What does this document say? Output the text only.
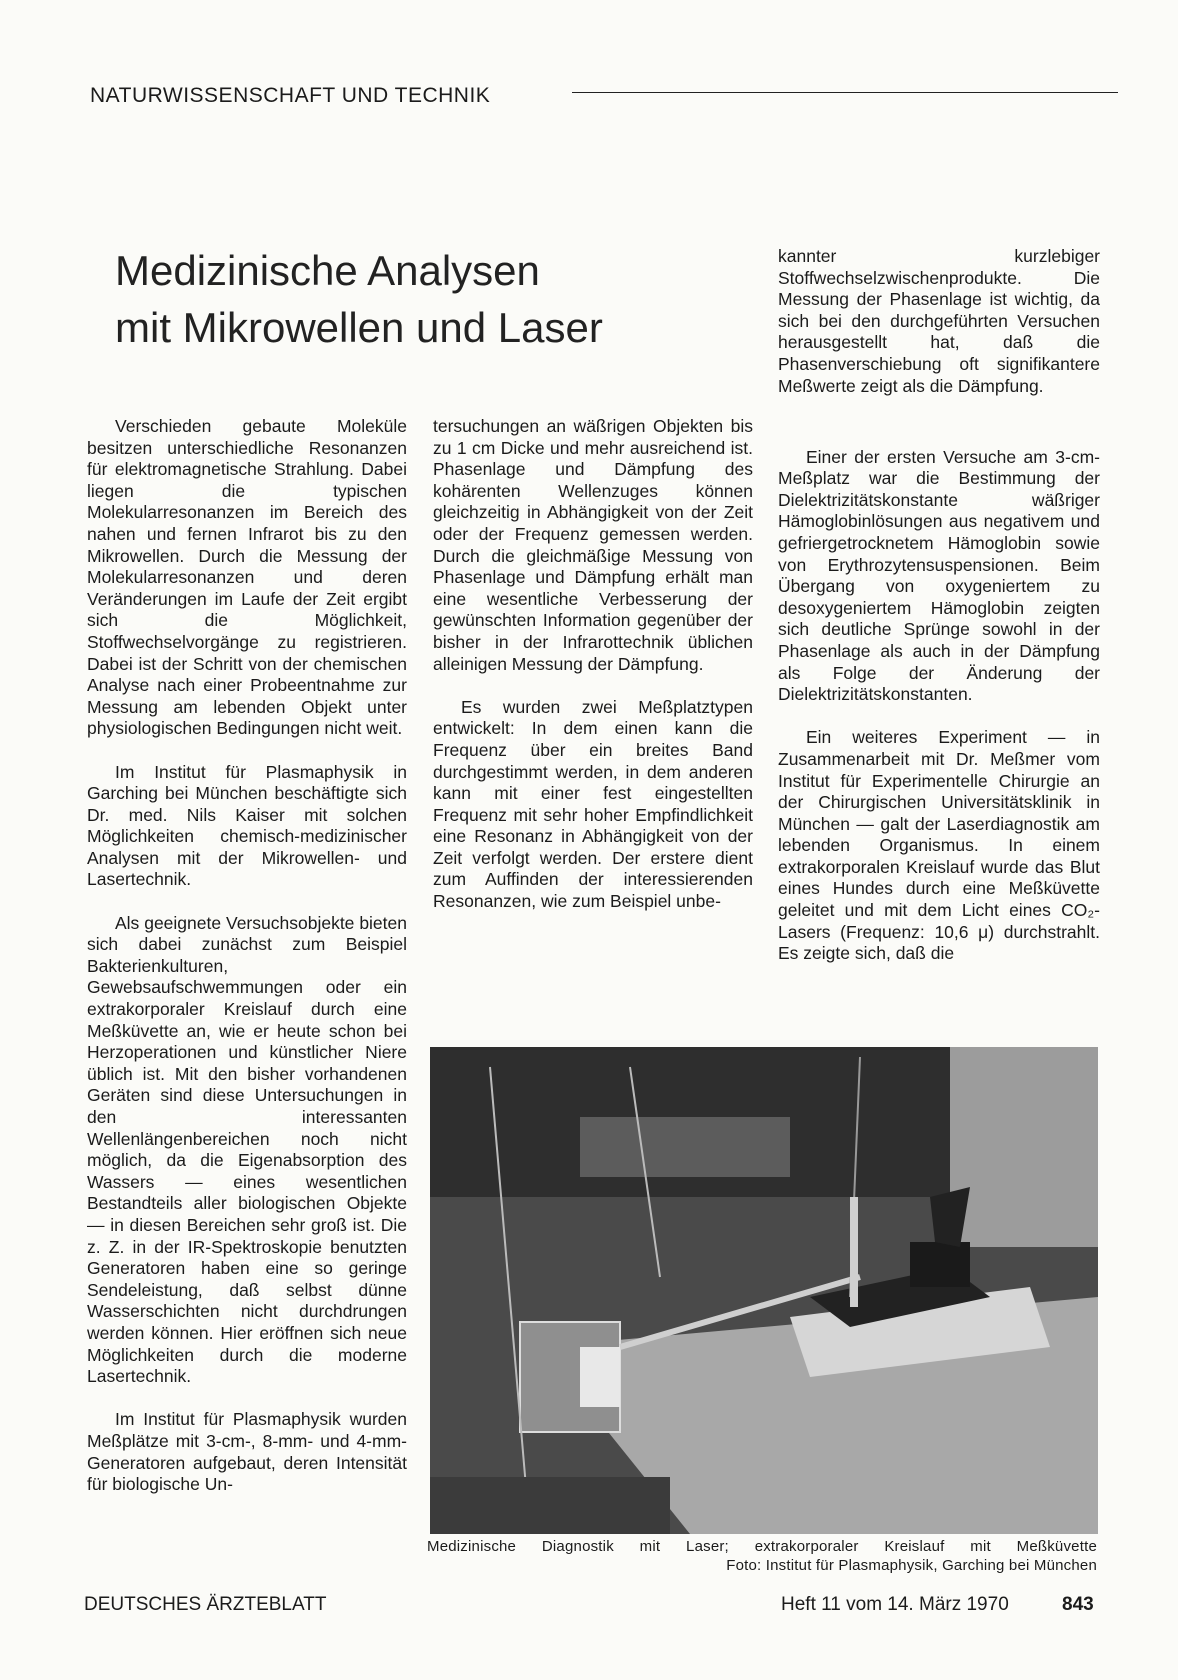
NATURWISSENSCHAFT UND TECHNIK
Medizinische Analysen
mit Mikrowellen und Laser

Verschieden gebaute Moleküle besitzen unterschiedliche Resonanzen für elektromagnetische Strahlung. Dabei liegen die typischen Molekularresonanzen im Bereich des nahen und fernen Infrarot bis zu den Mikrowellen. Durch die Messung der Molekularresonanzen und deren Veränderungen im Laufe der Zeit ergibt sich die Möglichkeit, Stoffwechselvorgänge zu registrieren. Dabei ist der Schritt von der chemischen Analyse nach einer Probeentnahme zur Messung am lebenden Objekt unter physiologischen Bedingungen nicht weit.

Im Institut für Plasmaphysik in Garching bei München beschäftigte sich Dr. med. Nils Kaiser mit solchen Möglichkeiten chemisch-medizinischer Analysen mit der Mikrowellen- und Lasertechnik.

Als geeignete Versuchsobjekte bieten sich dabei zunächst zum Beispiel Bakterienkulturen, Gewebsaufschwemmungen oder ein extrakorporaler Kreislauf durch eine Meßküvette an, wie er heute schon bei Herzoperationen und künstlicher Niere üblich ist. Mit den bisher vorhandenen Geräten sind diese Untersuchungen in den interessanten Wellenlängenbereichen noch nicht möglich, da die Eigenabsorption des Wassers — eines wesentlichen Bestandteils aller biologischen Objekte — in diesen Bereichen sehr groß ist. Die z. Z. in der IR-Spektroskopie benutzten Generatoren haben eine so geringe Sendeleistung, daß selbst dünne Wasserschichten nicht durchdrungen werden können. Hier eröffnen sich neue Möglichkeiten durch die moderne Lasertechnik.

Im Institut für Plasmaphysik wurden Meßplätze mit 3-cm-, 8-mm- und 4-mm-Generatoren aufgebaut, deren Intensität für biologische Un-

tersuchungen an wäßrigen Objekten bis zu 1 cm Dicke und mehr ausreichend ist. Phasenlage und Dämpfung des kohärenten Wellenzuges können gleichzeitig in Abhängigkeit von der Zeit oder der Frequenz gemessen werden. Durch die gleichmäßige Messung von Phasenlage und Dämpfung erhält man eine wesentliche Verbesserung der gewünschten Information gegenüber der bisher in der Infrarottechnik üblichen alleinigen Messung der Dämpfung.

Es wurden zwei Meßplatztypen entwickelt: In dem einen kann die Frequenz über ein breites Band durchgestimmt werden, in dem anderen kann mit einer fest eingestellten Frequenz mit sehr hoher Empfindlichkeit eine Resonanz in Abhängigkeit von der Zeit verfolgt werden. Der erstere dient zum Auffinden der interessierenden Resonanzen, wie zum Beispiel unbe-

kannter kurzlebiger Stoffwechselzwischenprodukte. Die Messung der Phasenlage ist wichtig, da sich bei den durchgeführten Versuchen herausgestellt hat, daß die Phasenverschiebung oft signifikantere Meßwerte zeigt als die Dämpfung.

Einer der ersten Versuche am 3-cm-Meßplatz war die Bestimmung der Dielektrizitätskonstante wäßriger Hämoglobinlösungen aus negativem und gefriergetrocknetem Hämoglobin sowie von Erythrozytensuspensionen. Beim Übergang von oxygeniertem zu desoxygeniertem Hämoglobin zeigten sich deutliche Sprünge sowohl in der Phasenlage als auch in der Dämpfung als Folge der Änderung der Dielektrizitätskonstanten.

Ein weiteres Experiment — in Zusammenarbeit mit Dr. Meßmer vom Institut für Experimentelle Chirurgie an der Chirurgischen Universitätsklinik in München — galt der Laserdiagnostik am lebenden Organismus. In einem extrakorporalen Kreislauf wurde das Blut eines Hundes durch eine Meßküvette geleitet und mit dem Licht eines CO₂-Lasers (Frequenz: 10,6 μ) durchstrahlt. Es zeigte sich, daß die

Medizinische Diagnostik mit Laser; extrakorporaler Kreislauf mit Meßküvette
Foto: Institut für Plasmaphysik, Garching bei München
DEUTSCHES ÄRZTEBLATT	Heft 11 vom 14. März 1970	843
